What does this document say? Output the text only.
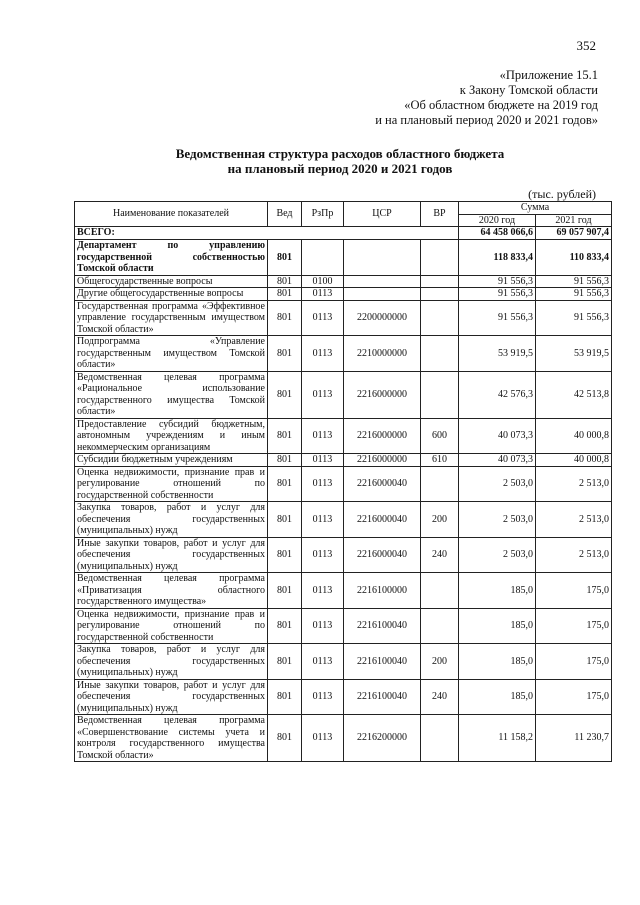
352
«Приложение 15.1
к Закону Томской области
«Об областном бюджете на 2019 год
и на плановый период 2020 и 2021 годов»
Ведомственная структура расходов областного бюджета
на плановый период 2020 и 2021 годов
(тыс. рублей)
Наименование показателей	Вед	РзПр	ЦСР	ВР	Сумма	
					2020 год	2021 год
ВСЕГО:					64 458 066,6	69 057 907,4
Департамент по управлению государственной собственностью Томской области	801				118 833,4	110 833,4
Общегосударственные вопросы	801	0100			91 556,3	91 556,3
Другие общегосударственные вопросы	801	0113			91 556,3	91 556,3
Государственная программа «Эффективное управление государственным имуществом Томской области»	801	0113	2200000000		91 556,3	91 556,3
Подпрограмма «Управление государственным имуществом Томской области»	801	0113	2210000000		53 919,5	53 919,5
Ведомственная целевая программа «Рациональное использование государственного имущества Томской области»	801	0113	2216000000		42 576,3	42 513,8
Предоставление субсидий бюджетным, автономным учреждениям и иным некоммерческим организациям	801	0113	2216000000	600	40 073,3	40 000,8
Субсидии бюджетным учреждениям	801	0113	2216000000	610	40 073,3	40 000,8
Оценка недвижимости, признание прав и регулирование отношений по государственной собственности	801	0113	2216000040		2 503,0	2 513,0
Закупка товаров, работ и услуг для обеспечения государственных (муниципальных) нужд	801	0113	2216000040	200	2 503,0	2 513,0
Иные закупки товаров, работ и услуг для обеспечения государственных (муниципальных) нужд	801	0113	2216000040	240	2 503,0	2 513,0
Ведомственная целевая программа «Приватизация областного государственного имущества»	801	0113	2216100000		185,0	175,0
Оценка недвижимости, признание прав и регулирование отношений по государственной собственности	801	0113	2216100040		185,0	175,0
Закупка товаров, работ и услуг для обеспечения государственных (муниципальных) нужд	801	0113	2216100040	200	185,0	175,0
Иные закупки товаров, работ и услуг для обеспечения государственных (муниципальных) нужд	801	0113	2216100040	240	185,0	175,0
Ведомственная целевая программа «Совершенствование системы учета и контроля государственного имущества Томской области»	801	0113	2216200000		11 158,2	11 230,7
